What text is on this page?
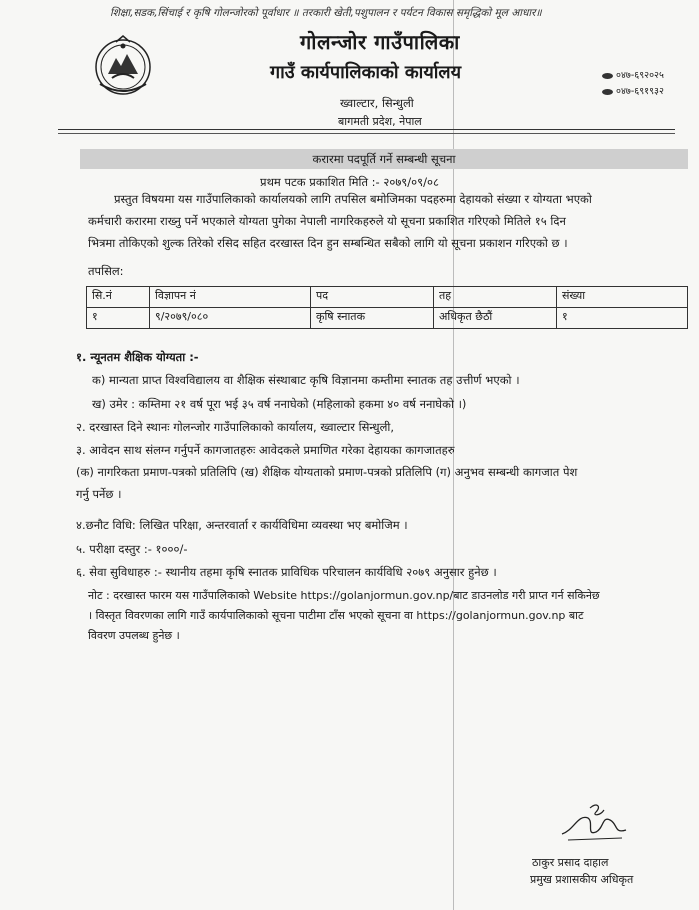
शिक्षा,सडक,सिंचाई र कृषि गोलन्जोरको पूर्वाधार ॥ तरकारी खेती,पशुपालन र पर्यटन विकास समृद्धिको मूल आधार॥
गोलन्जोर गाउँपालिका
गाउँ कार्यपालिकाको कार्यालय
ख्वाल्टार, सिन्धुली
बागमती प्रदेश, नेपाल
०४७-६९२०२५
०४७-६९१९३२
करारमा पदपूर्ति गर्ने सम्बन्धी सूचना
प्रथम पटक प्रकाशित मिति :- २०७९/०९/०८
प्रस्तुत विषयमा यस गाउँपालिकाको कार्यालयको लागि तपसिल बमोजिमका पदहरुमा देहायको संख्या र योग्यता भएको
कर्मचारी करारमा राख्नु पर्ने भएकाले योग्यता पुगेका नेपाली नागरिकहरुले यो सूचना प्रकाशित गरिएको मितिले १५ दिन
भित्रमा तोकिएको शुल्क तिरेको रसिद सहित दरखास्त दिन हुन सम्बन्धित सबैको लागि यो सूचना प्रकाशन गरिएको छ ।
तपसिल:
सि.नं	विज्ञापन नं	पद	तह	संख्या
१	९/२०७९/०८०	कृषि स्नातक	अधिकृत छैठौं	१
१. न्यूनतम शैक्षिक योग्यता :-
क) मान्यता प्राप्त विश्वविद्यालय वा शैक्षिक संस्थाबाट कृषि विज्ञानमा कम्तीमा स्नातक तह उत्तीर्ण भएको ।
ख) उमेर : कम्तिमा २१ वर्ष पूरा भई ३५ वर्ष ननाघेको (महिलाको हकमा ४० वर्ष ननाघेको ।)
२. दरखास्त दिने स्थानः गोलन्जोर गाउँपालिकाको कार्यालय, ख्वाल्टार सिन्धुली,
३. आवेदन साथ संलग्न गर्नुपर्ने कागजातहरुः आवेदकले प्रमाणित गरेका देहायका कागजातहरु
(क) नागरिकता प्रमाण-पत्रको प्रतिलिपि (ख) शैक्षिक योग्यताको प्रमाण-पत्रको प्रतिलिपि (ग) अनुभव सम्बन्धी कागजात पेश
गर्नु पर्नेछ ।
४.छनौट विधि: लिखित परिक्षा, अन्तरवार्ता र कार्यविधिमा व्यवस्था भए बमोजिम ।
५. परीक्षा दस्तुर :- १०००/-
६. सेवा सुविधाहरु :- स्थानीय तहमा कृषि स्नातक प्राविधिक परिचालन कार्यविधि २०७९ अनुसार हुनेछ ।
नोट : दरखास्त फारम यस गाउँपालिकाको Website https://golanjormun.gov.np/बाट डाउनलोड गरी प्राप्त गर्न सकिनेछ
। विस्तृत विवरणका लागि गाउँ कार्यपालिकाको सूचना पाटीमा टाँस भएको सूचना वा https://golanjormun.gov.np बाट
विवरण उपलब्ध हुनेछ ।
ठाकुर प्रसाद दाहाल
प्रमुख प्रशासकीय अधिकृत
